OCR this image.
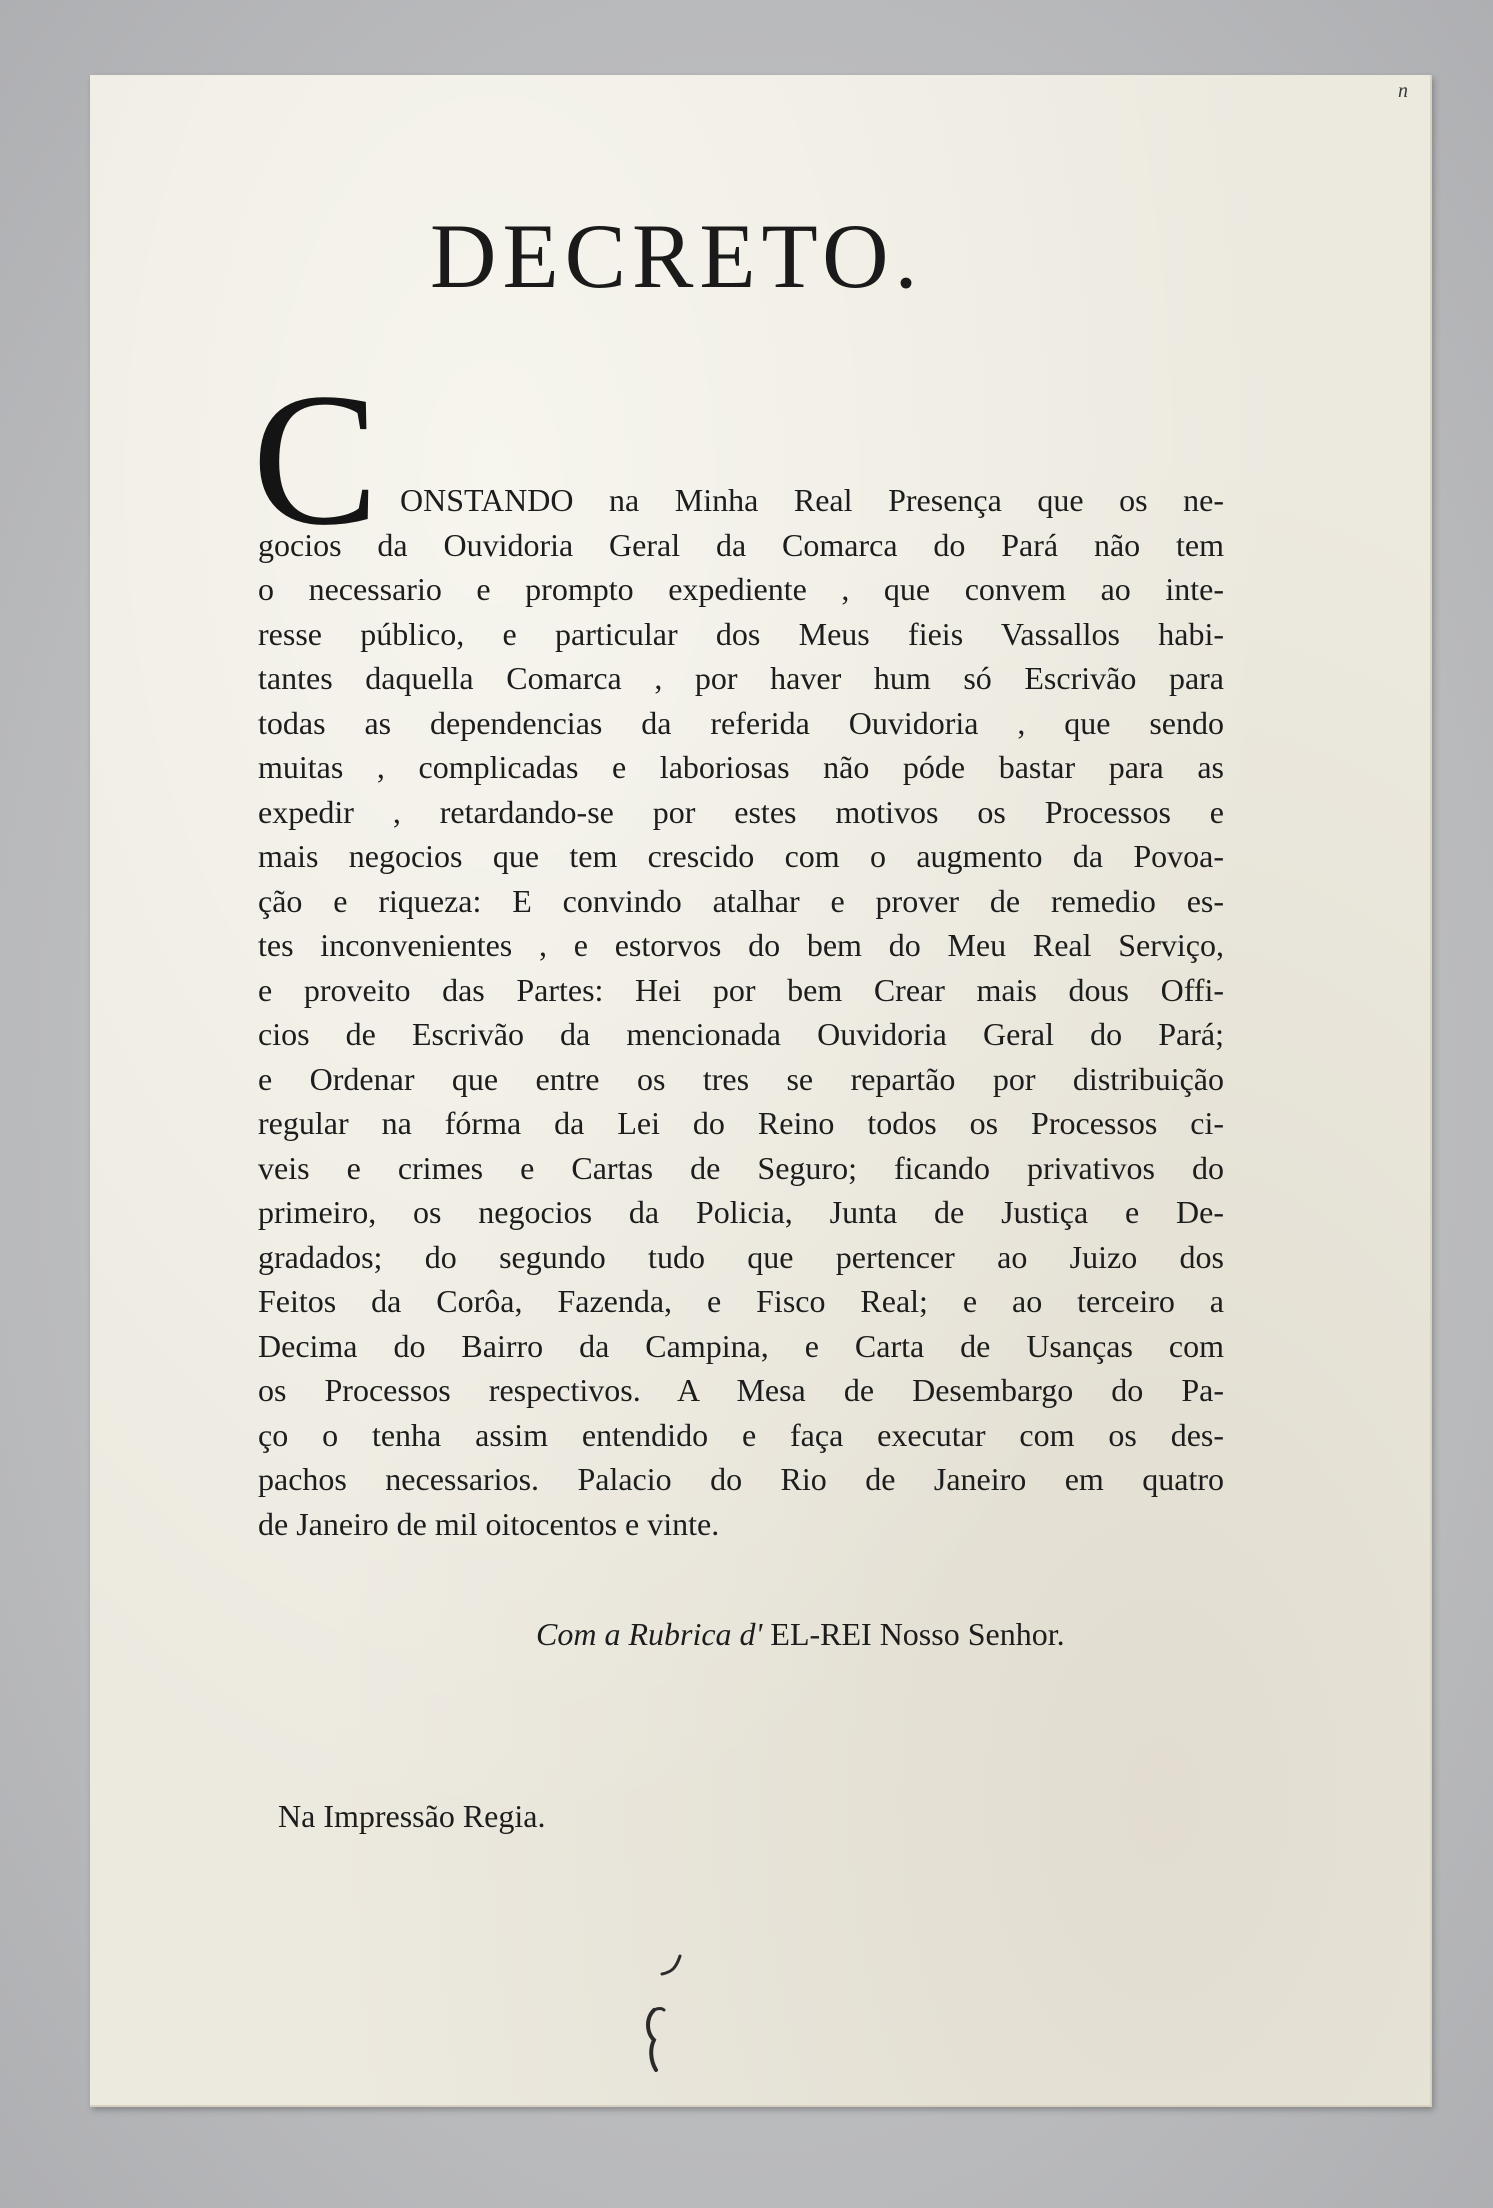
n
DECRETO.
C ONSTANDO na Minha Real Presença que os ne-
gocios da Ouvidoria Geral da Comarca do Pará não tem
o necessario e prompto expediente , que convem ao inte-
resse público, e particular dos Meus fieis Vassallos habi-
tantes daquella Comarca , por haver hum só Escrivão para
todas as dependencias da referida Ouvidoria , que sendo
muitas , complicadas e laboriosas não póde bastar para as
expedir , retardando-se por estes motivos os Processos e
mais negocios que tem crescido com o augmento da Povoa-
ção e riqueza: E convindo atalhar e prover de remedio es-
tes inconvenientes , e estorvos do bem do Meu Real Serviço,
e proveito das Partes: Hei por bem Crear mais dous Offi-
cios de Escrivão da mencionada Ouvidoria Geral do Pará;
e Ordenar que entre os tres se repartão por distribuição
regular na fórma da Lei do Reino todos os Processos ci-
veis e crimes e Cartas de Seguro; ficando privativos do
primeiro, os negocios da Policia, Junta de Justiça e De-
gradados; do segundo tudo que pertencer ao Juizo dos
Feitos da Corôa, Fazenda, e Fisco Real; e ao terceiro a
Decima do Bairro da Campina, e Carta de Usanças com
os Processos respectivos. A Mesa de Desembargo do Pa-
ço o tenha assim entendido e faça executar com os des-
pachos necessarios. Palacio do Rio de Janeiro em quatro
de Janeiro de mil oitocentos e vinte.
Com a Rubrica d' EL-REI Nosso Senhor.
Na Impressão Regia.
